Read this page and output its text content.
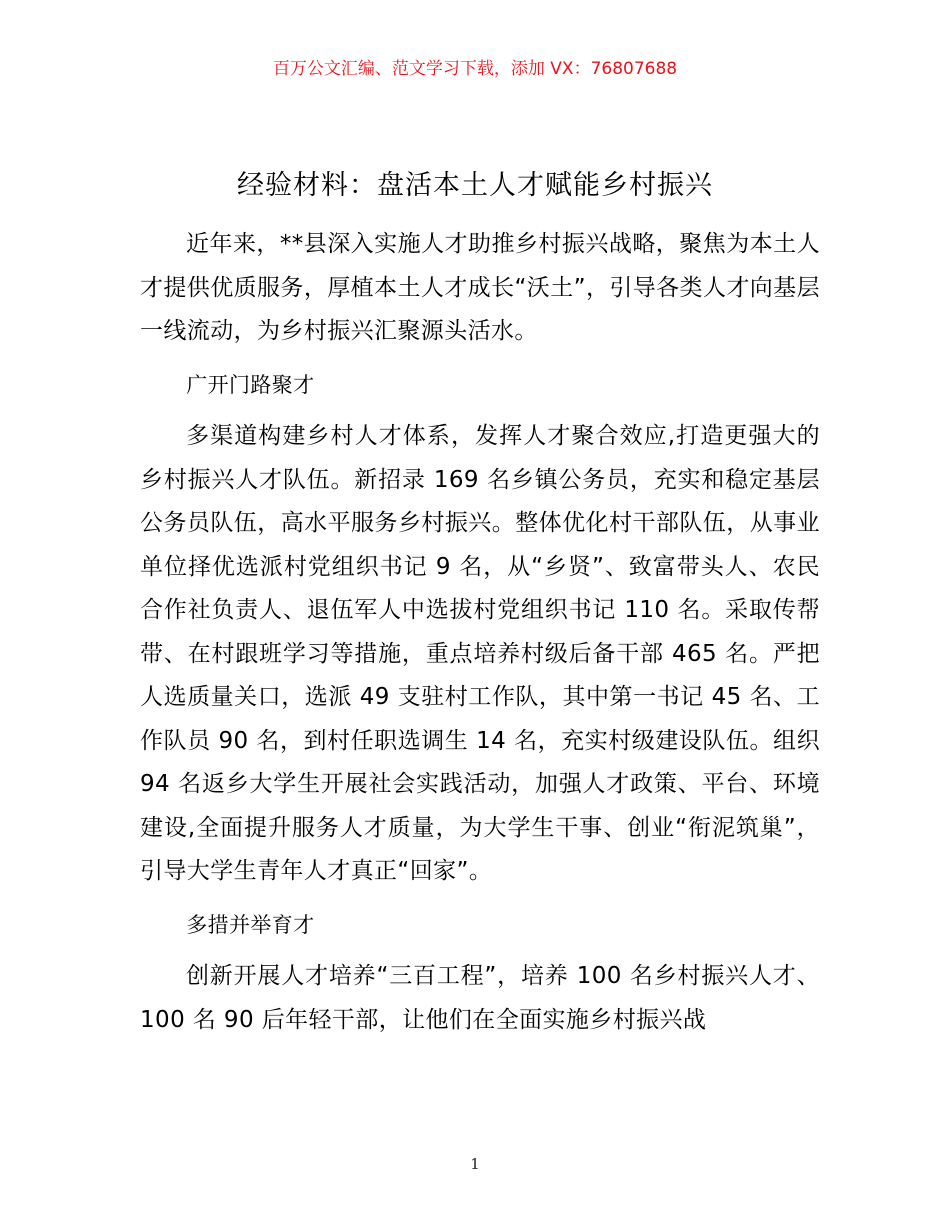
百万公文汇编、范文学习下载，添加 VX：76807688
经验材料：盘活本土人才赋能乡村振兴

近年来，**县深入实施人才助推乡村振兴战略，聚焦为本土人才提供优质服务，厚植本土人才成长“沃土”，引导各类人才向基层一线流动，为乡村振兴汇聚源头活水。

广开门路聚才

多渠道构建乡村人才体系，发挥人才聚合效应,打造更强大的乡村振兴人才队伍。新招录 169 名乡镇公务员，充实和稳定基层公务员队伍，高水平服务乡村振兴。整体优化村干部队伍，从事业单位择优选派村党组织书记 9 名，从“乡贤”、致富带头人、农民合作社负责人、退伍军人中选拔村党组织书记 110 名。采取传帮带、在村跟班学习等措施，重点培养村级后备干部 465 名。严把人选质量关口，选派 49 支驻村工作队，其中第一书记 45 名、工作队员 90 名，到村任职选调生 14 名，充实村级建设队伍。组织 94 名返乡大学生开展社会实践活动，加强人才政策、平台、环境建设,全面提升服务人才质量，为大学生干事、创业“衔泥筑巢”，引导大学生青年人才真正“回家”。

多措并举育才

创新开展人才培养“三百工程”，培养 100 名乡村振兴人才、100 名 90 后年轻干部，让他们在全面实施乡村振兴战

1
